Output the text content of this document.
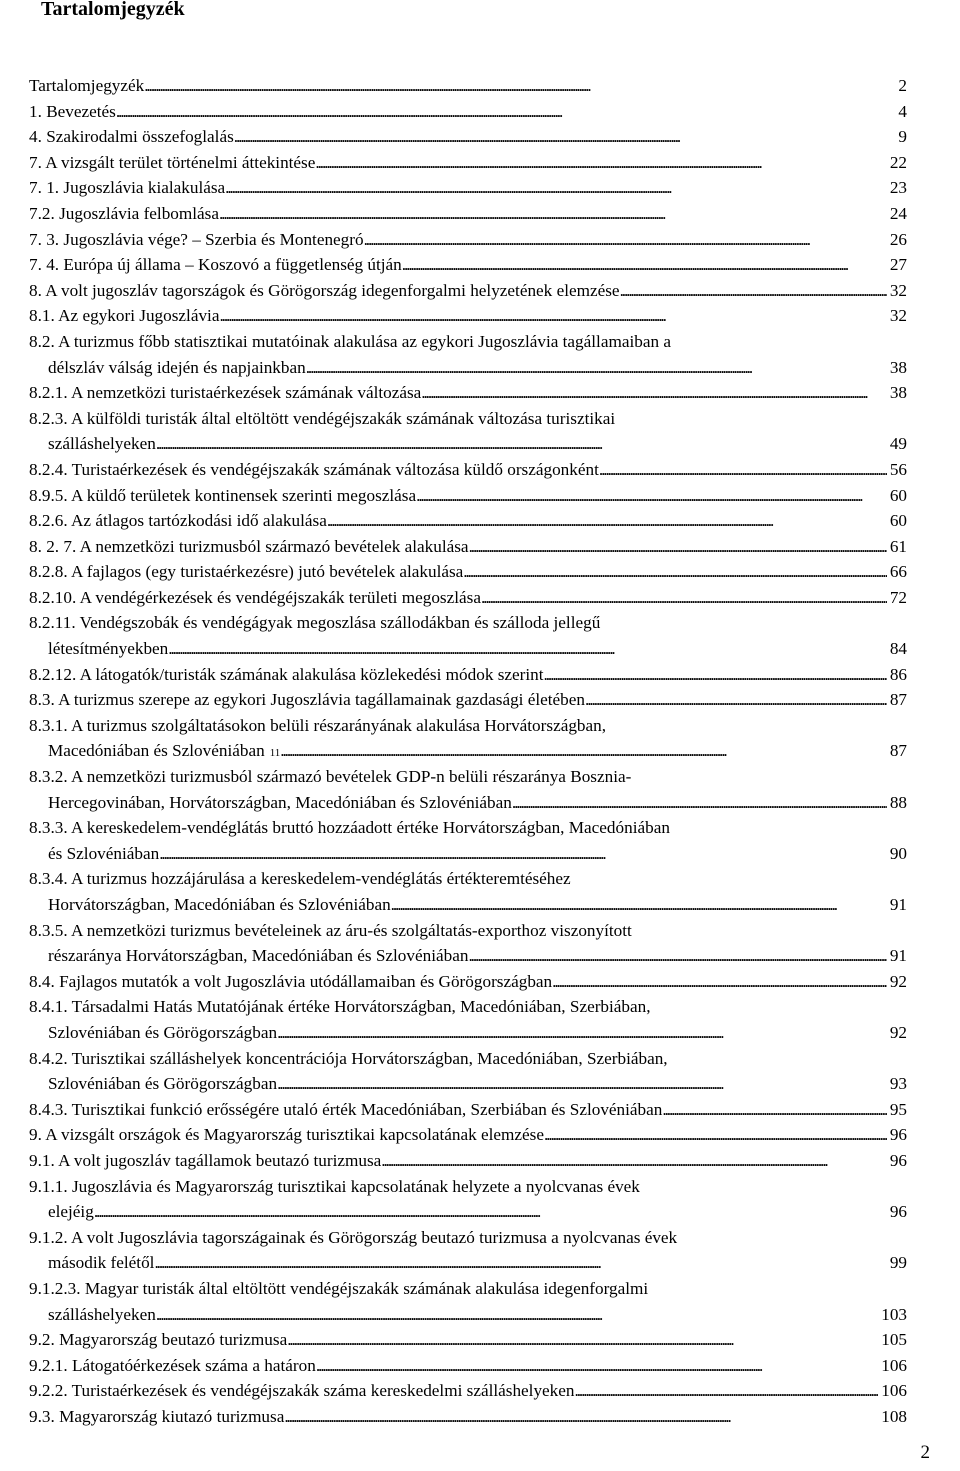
Tartalomjegyzék
Tartalomjegyzék . . .	2
1. Bevezetés . . .	4
4. Szakirodalmi összefoglalás . . .	9
7. A vizsgált terület történelmi áttekintése . . .	22
7. 1. Jugoszlávia kialakulása . . .	23
7.2. Jugoszlávia felbomlása . . .	24
7. 3. Jugoszlávia vége? – Szerbia és Montenegró . . .	26
7. 4. Európa új állama – Koszovó a függetlenség útján . . .	27
8. A volt jugoszláv tagországok és Görögország idegenforgalmi helyzetének elemzése . . .	32
8.1. Az egykori Jugoszlávia . . .	32
8.2. A turizmus főbb statisztikai mutatóinak alakulása az egykori Jugoszlávia tagállamaiban a
délszláv válság idején és napjainkban . . .	38
8.2.1. A nemzetközi turistaérkezések számának változása . . .	38
8.2.3. A külföldi turisták által eltöltött vendégéjszakák számának változása turisztikai
szálláshelyeken . . .	49
8.2.4. Turistaérkezések és vendégéjszakák számának változása küldő országonként . . .	56
8.9.5. A küldő területek kontinensek szerinti megoszlása . . .	60
8.2.6. Az átlagos tartózkodási idő alakulása . . .	60
8. 2. 7. A nemzetközi turizmusból származó bevételek alakulása . . .	61
8.2.8. A fajlagos (egy turistaérkezésre) jutó bevételek alakulása . . .	66
8.2.10. A vendégérkezések és vendégéjszakák területi megoszlása . . .	72
8.2.11. Vendégszobák és vendégágyak megoszlása szállodákban és szálloda jellegű
létesítményekben . . .	84
8.2.12. A látogatók/turisták számának alakulása közlekedési módok szerint . . .	86
8.3. A turizmus szerepe az egykori Jugoszlávia tagállamainak gazdasági életében . . .	87
8.3.1. A turizmus szolgáltatásokon belüli részarányának alakulása Horvátországban,
Macedóniában és Szlovéniában 11 . . .	87
8.3.2. A nemzetközi turizmusból származó bevételek GDP-n belüli részaránya Bosznia-
Hercegovinában, Horvátországban, Macedóniában és Szlovéniában . . .	88
8.3.3. A kereskedelem-vendéglátás bruttó hozzáadott értéke Horvátországban, Macedóniában
és Szlovéniában . . .	90
8.3.4. A turizmus hozzájárulása a kereskedelem-vendéglátás értékteremtéséhez
Horvátországban, Macedóniában és Szlovéniában . . .	91
8.3.5. A nemzetközi turizmus bevételeinek az áru-és szolgáltatás-exporthoz viszonyított
részaránya Horvátországban, Macedóniában és Szlovéniában . . .	91
8.4. Fajlagos mutatók a volt Jugoszlávia utódállamaiban és Görögországban . . .	92
8.4.1. Társadalmi Hatás Mutatójának értéke Horvátországban, Macedóniában, Szerbiában,
Szlovéniában és Görögországban . . .	92
8.4.2. Turisztikai szálláshelyek koncentrációja Horvátországban, Macedóniában, Szerbiában,
Szlovéniában és Görögországban . . .	93
8.4.3. Turisztikai funkció erősségére utaló érték Macedóniában, Szerbiában és Szlovéniában . . .	95
9. A vizsgált országok és Magyarország turisztikai kapcsolatának elemzése . . .	96
9.1. A volt jugoszláv tagállamok beutazó turizmusa . . .	96
9.1.1. Jugoszlávia és Magyarország turisztikai kapcsolatának helyzete a nyolcvanas évek
elejéig . . .	96
9.1.2. A volt Jugoszlávia tagországainak és Görögország beutazó turizmusa a nyolcvanas évek
második felétől . . .	99
9.1.2.3. Magyar turisták által eltöltött vendégéjszakák számának alakulása idegenforgalmi
szálláshelyeken . . .	103
9.2. Magyarország beutazó turizmusa . . .	105
9.2.1. Látogatóérkezések száma a határon . . .	106
9.2.2. Turistaérkezések és vendégéjszakák száma kereskedelmi szálláshelyeken . . .	106
9.3. Magyarország kiutazó turizmusa . . .	108
2
